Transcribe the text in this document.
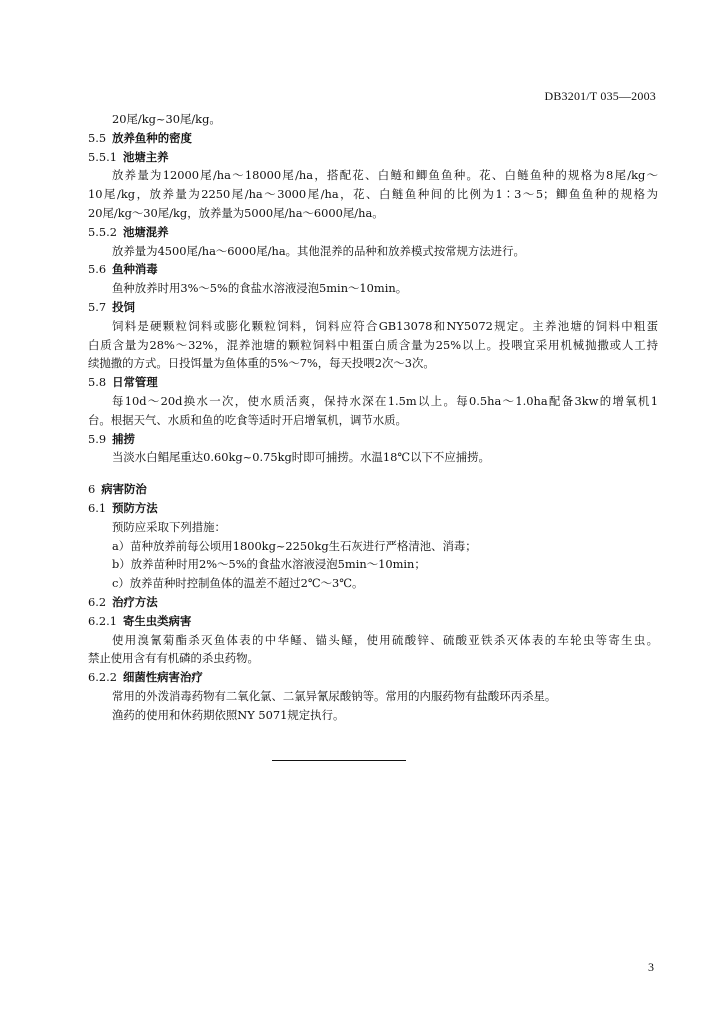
DB3201/T 035—2003
20尾/kg~30尾/kg。
5.5 放养鱼种的密度
5.5.1 池塘主养
放养量为12000尾/ha～18000尾/ha，搭配花、白鲢和鲫鱼鱼种。花、白鲢鱼种的规格为8尾/kg～
10尾/kg，放养量为2250尾/ha～3000尾/ha，花、白鲢鱼种间的比例为1∶3～5；鲫鱼鱼种的规格为
20尾/kg～30尾/kg，放养量为5000尾/ha～6000尾/ha。
5.5.2 池塘混养
放养量为4500尾/ha～6000尾/ha。其他混养的品种和放养模式按常规方法进行。
5.6 鱼种消毒
鱼种放养时用3%～5%的食盐水溶液浸泡5min～10min。
5.7 投饲
饲料是硬颗粒饲料或膨化颗粒饲料，饲料应符合GB13078和NY5072规定。主养池塘的饲料中粗蛋
白质含量为28%～32%，混养池塘的颗粒饲料中粗蛋白质含量为25%以上。投喂宜采用机械抛撒或人工持
续抛撒的方式。日投饵量为鱼体重的5%～7%，每天投喂2次～3次。
5.8 日常管理
每10d～20d换水一次，使水质活爽，保持水深在1.5m以上。每0.5ha～1.0ha配备3kw的增氧机1
台。根据天气、水质和鱼的吃食等适时开启增氧机，调节水质。
5.9 捕捞
当淡水白鲳尾重达0.60kg~0.75kg时即可捕捞。水温18℃以下不应捕捞。
6 病害防治
6.1 预防方法
预防应采取下列措施：
a）苗种放养前每公顷用1800kg~2250kg生石灰进行严格清池、消毒；
b）放养苗种时用2%～5%的食盐水溶液浸泡5min～10min；
c）放养苗种时控制鱼体的温差不超过2℃～3℃。
6.2 治疗方法
6.2.1 寄生虫类病害
使用溴氰菊酯杀灭鱼体表的中华鳋、锚头鳋，使用硫酸锌、硫酸亚铁杀灭体表的车轮虫等寄生虫。
禁止使用含有有机磷的杀虫药物。
6.2.2 细菌性病害治疗
常用的外泼消毒药物有二氧化氯、二氯异氰尿酸钠等。常用的内服药物有盐酸环丙杀星。
渔药的使用和休药期依照NY 5071规定执行。
3
